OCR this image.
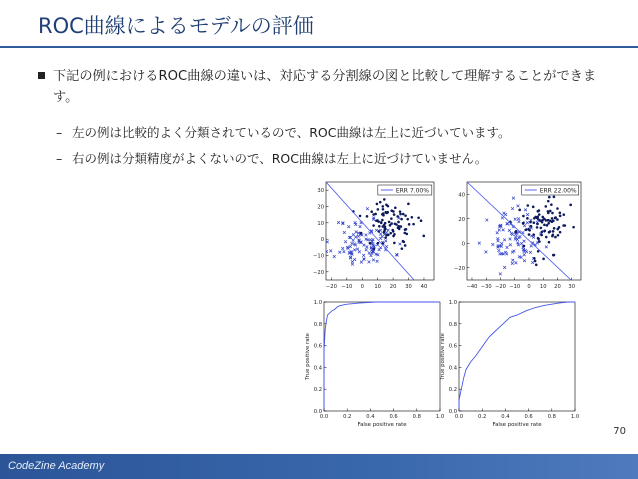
ROC曲線によるモデルの評価
下記の例におけるROC曲線の違いは、対応する分割線の図と比較して理解することができます。
– 左の例は比較的よく分類されているので、ROC曲線は左上に近づいています。
– 右の例は分類精度がよくないので、ROC曲線は左上に近づけていません。
−20 −10 0 10 20 30 40
30
20
10
0
−10
−20
ERR 7.00%
−40 −30 −20 −10 0 10 20 30
40
20
0
−20
ERR 22.00%
0.0	0.2	0.4	0.6	0.8	1.0
1.0
0.8
0.6
0.4
0.2
0.0
False positive rate
True positive rate
0.0	0.2	0.4	0.6	0.8	1.0
1.0
0.8
0.6
0.4
0.2
0.0
False positive rate
True positive rate
70
CodeZine Academy
